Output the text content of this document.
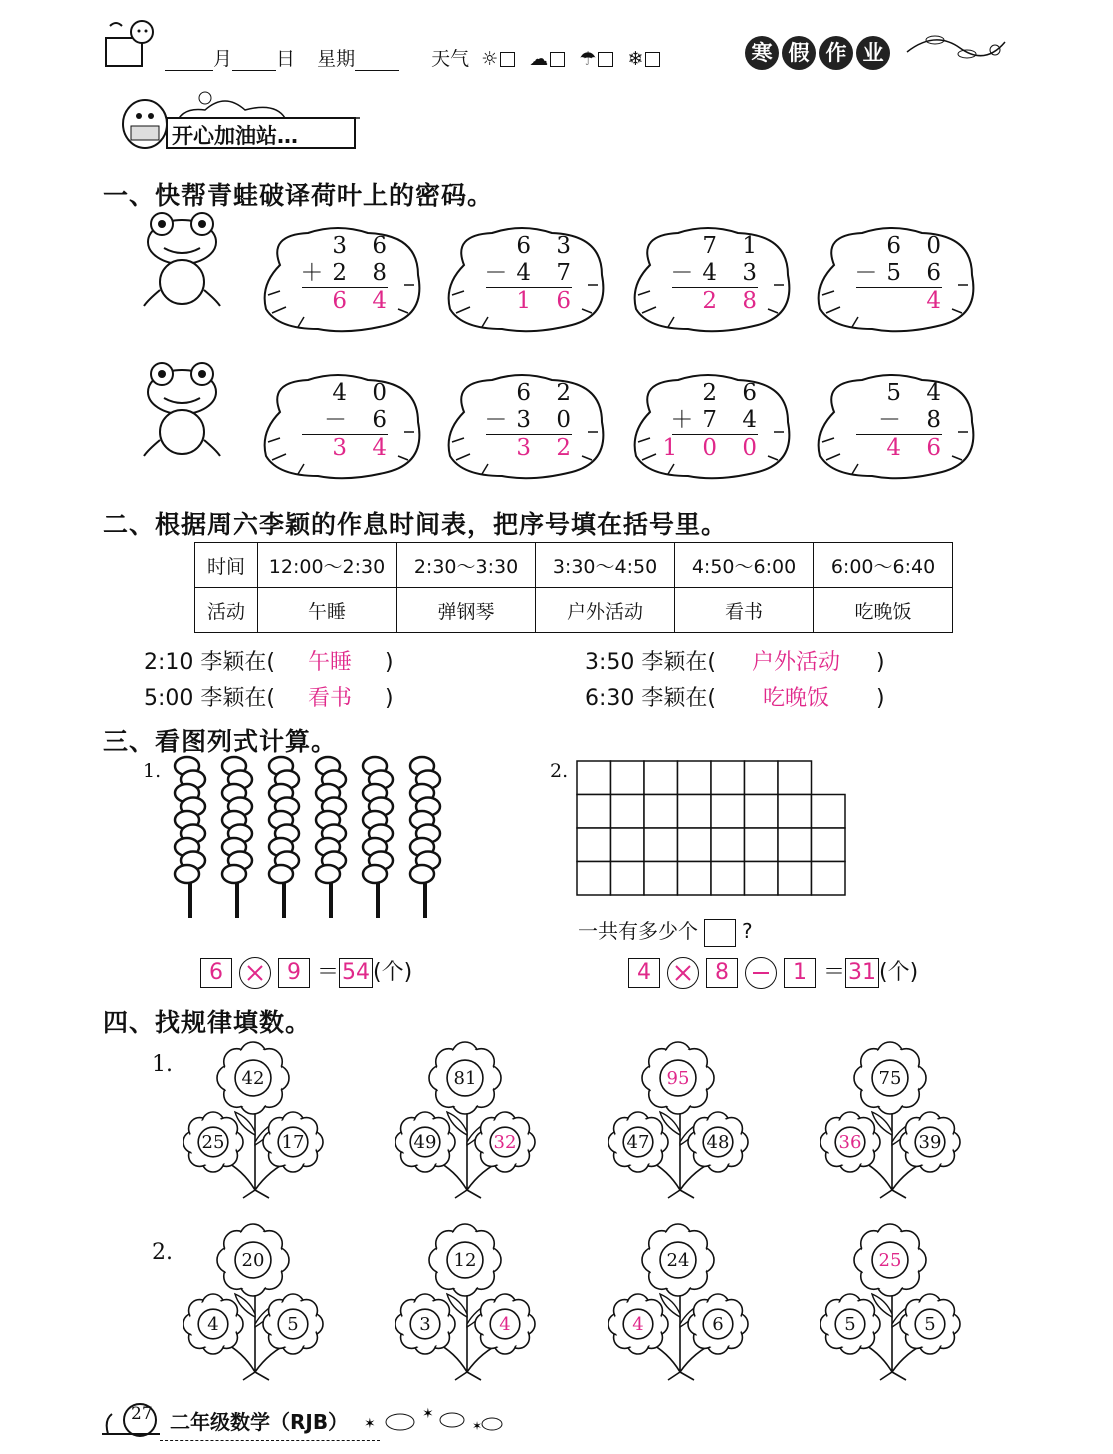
月 日 星期	天气 ☼ ☁ ☂ ❄	寒 假 作 业
开心加油站…
一、快帮青蛙破译荷叶上的密码。
3 6
＋2 8
6 4
6 3
－4 7
1 6
7 1
－4 3
2 8
6 0
－5 6
4
4 0
－ 6
3 4
6 2
－3 0
3 2
2 6
＋7 4
1 0 0
5 4
－ 8
4 6
二、根据周六李颖的作息时间表，把序号填在括号里。
时间	12:00～2:30	2:30～3:30	3:30～4:50	4:50～6:00	6:00～6:40
活动	午睡	弹钢琴	户外活动	看书	吃晚饭
2:10 李颖在( 午睡 )	3:50 李颖在( 户外活动 )
5:00 李颖在( 看书 )	6:30 李颖在( 吃晚饭 )
三、看图列式计算。
1.	2.
6	9 ＝ 54 (个)
一共有多少个 ?
4	8	1 ＝ 31 (个)
四、找规律填数。
1.
2.
42
25	17
81
49	32
95
47	48
75
36	39
20
4	5
12
3	4
24
4	6
25
5	5
27 二年级数学（RJB） ✶
✶
✶
